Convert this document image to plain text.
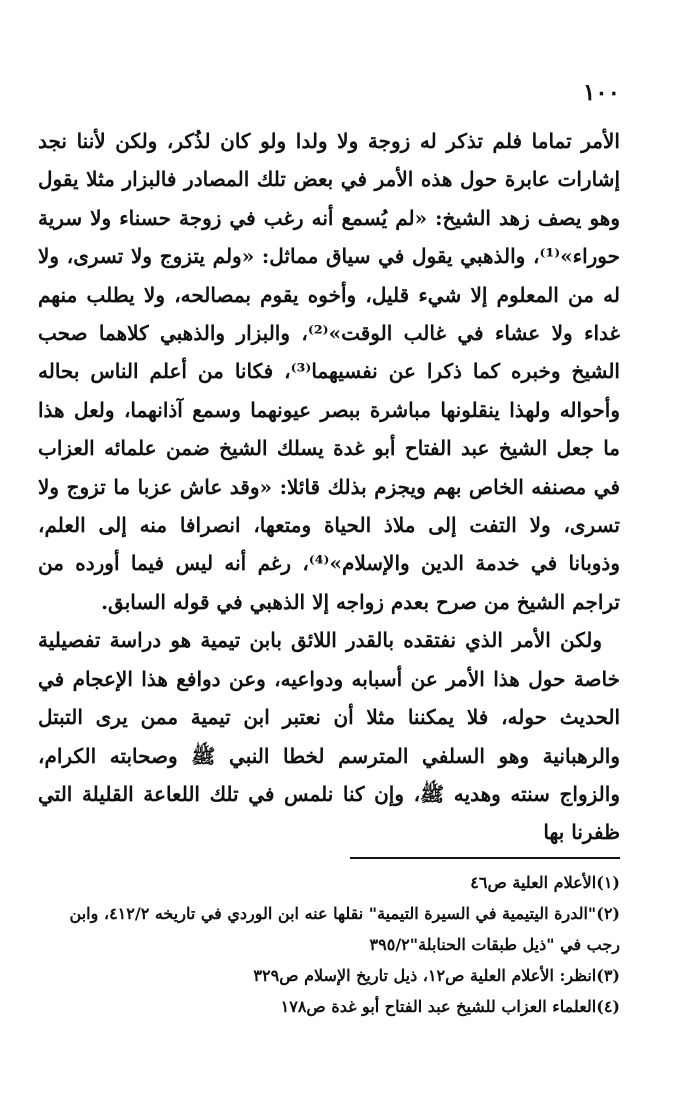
١٠٠

الأمر تماما فلم تذكر له زوجة ولا ولدا ولو كان لذُكر، ولكن لأننا نجد إشارات عابرة حول هذه الأمر في بعض تلك المصادر فالبزار مثلا يقول وهو يصف زهد الشيخ: «لم يُسمع أنه رغب في زوجة حسناء ولا سرية حوراء»⁽¹⁾، والذهبي يقول في سياق مماثل: «ولم يتزوج ولا تسرى، ولا له من المعلوم إلا شيء قليل، وأخوه يقوم بمصالحه، ولا يطلب منهم غداء ولا عشاء في غالب الوقت»⁽²⁾، والبزار والذهبي كلاهما صحب الشيخ وخبره كما ذكرا عن نفسيهما⁽³⁾، فكانا من أعلم الناس بحاله وأحواله ولهذا ينقلونها مباشرة ببصر عيونهما وسمع آذانهما، ولعل هذا ما جعل الشيخ عبد الفتاح أبو غدة يسلك الشيخ ضمن علمائه العزاب في مصنفه الخاص بهم ويجزم بذلك قائلا: «وقد عاش عزبا ما تزوج ولا تسرى، ولا التفت إلى ملاذ الحياة ومتعها، انصرافا منه إلى العلم، وذوبانا في خدمة الدين والإسلام»⁽⁴⁾، رغم أنه ليس فيما أورده من تراجم الشيخ من صرح بعدم زواجه إلا الذهبي في قوله السابق.

ولكن الأمر الذي نفتقده بالقدر اللائق بابن تيمية هو دراسة تفصيلية خاصة حول هذا الأمر عن أسبابه ودواعيه، وعن دوافع هذا الإعجام في الحديث حوله، فلا يمكننا مثلا أن نعتبر ابن تيمية ممن يرى التبتل والرهبانية وهو السلفي المترسم لخطا النبي ﷺ وصحابته الكرام، والزواج سنته وهديه ﷺ، وإن كنا نلمس في تلك اللعاعة القليلة التي ظفرنا بها

(١)الأعلام العلية ص٤٦

(٢)"الدرة اليتيمية في السيرة التيمية" نقلها عنه ابن الوردي في تاريخه ٤١٢/٢، وابن رجب في "ذيل طبقات الحنابلة"٣٩٥/٢

(٣)انظر: الأعلام العلية ص١٢، ذيل تاريخ الإسلام ص٣٢٩

(٤)العلماء العزاب للشيخ عبد الفتاح أبو غدة ص١٧٨
